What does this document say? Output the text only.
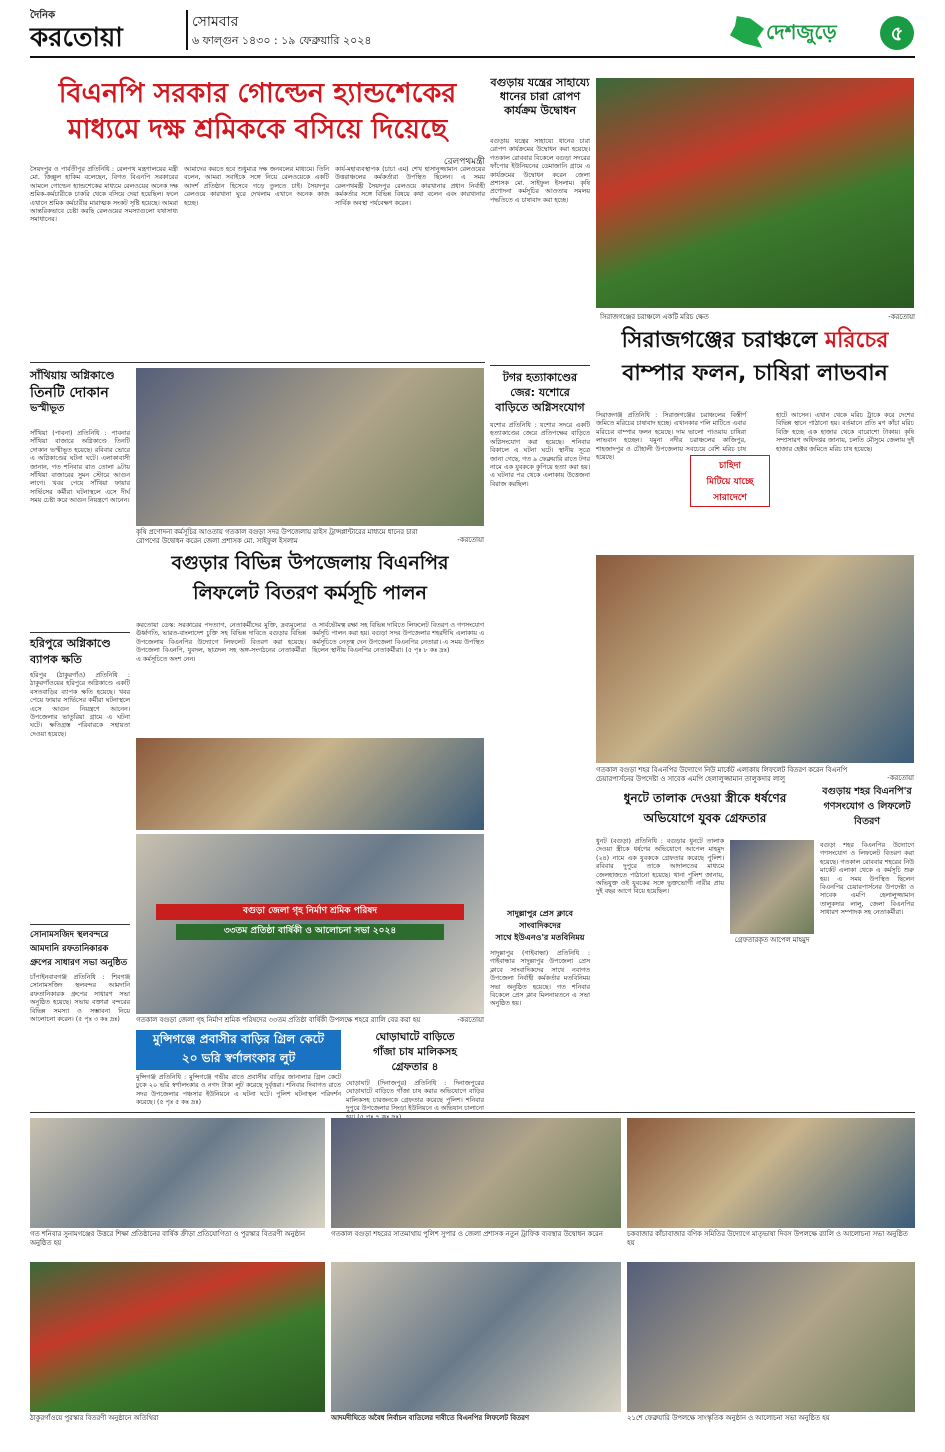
দৈনিক
করতোয়া
সোমবার
৬ ফাল্গুন ১৪৩০ : ১৯ ফেব্রুয়ারি ২০২৪	দেশজুড়ে	৫
বিএনপি সরকার গোল্ডেন হ্যান্ডশেকের
মাধ্যমে দক্ষ শ্রমিককে বসিয়ে দিয়েছে
রেলপথমন্ত্রী
সৈয়দপুর ও পার্বতীপুর প্রতিনিধি : রেলপথ মন্ত্রণালয়ের মন্ত্রী মো. জিল্লুল হাকিম বলেছেন, বিগত বিএনপি সরকারের আমলে গোল্ডেন হ্যান্ডশেকের মাধ্যমে রেলওয়ের অনেক দক্ষ শ্রমিক-কর্মচারীকে চাকরি থেকে বসিয়ে দেয়া হয়েছিল। ফলে এখানে শ্রমিক কর্মচারীর মারাত্মক সংকট সৃষ্টি হয়েছে। আমরা আন্তরিকভাবে চেষ্টা করছি রেলওয়ের সমস্যাগুলো যথাসাধ্য সমাধানের।
আমাদের করতে হবে শুধুমাত্র দক্ষ জনবলের মাধ্যমে। তিনি বলেন, আমরা সবাইকে সঙ্গে নিয়ে রেলওয়েকে একটি আদর্শ প্রতিষ্ঠান হিসেবে গড়ে তুলতে চাই। সৈয়দপুর রেলওয়ে কারখানা ঘুরে দেখলাম এখানে অনেক কাজ হচ্ছে।
কার্য-মহাব্যবস্থাপক (চাচা এম) শেখ হাসানুজ্জামান রেলওয়ের উত্তরাঞ্চলের কর্মকর্তারা উপস্থিত ছিলেন। এ সময় রেলপথমন্ত্রী সৈয়দপুর রেলওয়ে কারখানার প্রধান নির্বাহী কর্মকর্তার সঙ্গে বিভিন্ন বিষয়ে কথা বলেন এবং কারখানার সার্বিক অবস্থা পর্যবেক্ষণ করেন।
বগুড়ায় যন্ত্রের সাহায্যে
ধানের চারা রোপণ
কার্যক্রম উদ্বোধন
বগুড়ায় যন্ত্রের সাহায্যে ধানের চারা রোপণ কার্যক্রমের উদ্বোধন করা হয়েছে। গতকাল রোববার বিকেলে বগুড়া সদরের ফাঁপোর ইউনিয়নের ডেমাজানি গ্রামে এ কার্যক্রমের উদ্বোধন করেন জেলা প্রশাসক মো. সাইফুল ইসলাম। কৃষি প্রণোদনা কর্মসূচির আওতায় সমলয় পদ্ধতিতে এ চাষাবাদ করা হচ্ছে।
টগর হত্যাকাণ্ডের
জের: যশোরে
বাড়িতে অগ্নিসংযোগ
যশোর প্রতিনিধি : যশোর সদরে একটি হত্যাকাণ্ডের জেরে প্রতিপক্ষের বাড়িতে অগ্নিসংযোগ করা হয়েছে। শনিবার বিকালে এ ঘটনা ঘটে। স্থানীয় সূত্রে জানা গেছে, গত ৯ ফেব্রুয়ারি রাতে টগর নামে এক যুবককে কুপিয়ে হত্যা করা হয়। এ ঘটনার পর থেকে এলাকায় উত্তেজনা বিরাজ করছিল।
সিরাজগঞ্জের চরাঞ্চলে একটি মরিচ ক্ষেত	-করতোয়া
সিরাজগঞ্জের চরাঞ্চলে মরিচের
বাম্পার ফলন, চাষিরা লাভবান
সিরাজগঞ্জ প্রতিনিধি : সিরাজগঞ্জের চরাঞ্চলের বিস্তীর্ণ জমিতে মরিচের চাষাবাদ হচ্ছে। এখানকার পলি মাটিতে এবার মরিচের বাম্পার ফলন হয়েছে। দাম ভালো পাওয়ায় চাষিরা লাভবান হচ্ছেন। যমুনা নদীর চরাঞ্চলের কাজিপুর, শাহজাদপুর ও চৌহালী উপজেলায় সবচেয়ে বেশি মরিচ চাষ হয়েছে।
চাহিদা
মিটিয়ে যাচ্ছে
সারাদেশে
হাটে আসেন। এখান থেকে মরিচ ট্রাকে করে দেশের বিভিন্ন স্থানে পাঠানো হয়। বর্তমানে প্রতি মণ কাঁচা মরিচ বিক্রি হচ্ছে এক হাজার থেকে বারোশো টাকায়। কৃষি সম্প্রসারণ অধিদপ্তর জানায়, চলতি মৌসুমে জেলায় দুই হাজার হেক্টর জমিতে মরিচ চাষ হয়েছে।
সাঁথিয়ায় অগ্নিকাণ্ডে
তিনটি দোকান
ভস্মীভূত
সাঁথিয়া (পাবনা) প্রতিনিধি : পাবনার সাঁথিয়া বাজারে অগ্নিকাণ্ডে তিনটি দোকান ভস্মীভূত হয়েছে। রবিবার ভোরে এ অগ্নিকাণ্ডের ঘটনা ঘটে। এলাকাবাসী জানান, গত শনিবার রাত তোলা ৯টায় সাঁথিয়া বাজারের সুমন স্টোরে আগুন লাগে। খবর পেয়ে সাঁথিয়া ফায়ার সার্ভিসের কর্মীরা ঘটনাস্থলে এসে দীর্ঘ সময় চেষ্টা করে আগুন নিয়ন্ত্রণে আনেন।
হরিপুরে অগ্নিকাণ্ডে
ব্যাপক ক্ষতি
হরিপুর (ঠাকুরগাঁও) প্রতিনিধি : ঠাকুরগাঁওয়ের হরিপুরে অগ্নিকাণ্ডে একটি বসতবাড়ির ব্যাপক ক্ষতি হয়েছে। খবর পেয়ে ফায়ার সার্ভিসের কর্মীরা ঘটনাস্থলে এসে আগুন নিয়ন্ত্রণে আনেন। উপজেলার ভাতুরিয়া গ্রামে এ ঘটনা ঘটে। ক্ষতিগ্রস্ত পরিবারকে সহায়তা দেওয়া হয়েছে।
সোনামসজিদ স্থলবন্দরে
আমদানি রফতানিকারক
গ্রুপের সাধারণ সভা অনুষ্ঠিত
চাঁপাইনবাবগঞ্জ প্রতিনিধি : শিবগঞ্জ সোনামসজিদ স্থলবন্দর আমদানি রফতানিকারক গ্রুপের সাধারণ সভা অনুষ্ঠিত হয়েছে। সভায় বক্তারা বন্দরের বিভিন্ন সমস্যা ও সম্ভাবনা নিয়ে আলোচনা করেন। (৫ পৃঃ ৩ কঃ দ্রঃ)
কৃষি প্রণোদনা কর্মসূচির আওতায় গতকাল বগুড়া সদর উপজেলায় রাইস ট্রান্সপ্লান্টারের মাধ্যমে ধানের চারা রোপণের উদ্বোধন করেন জেলা প্রশাসক মো. সাইফুল ইসলাম	-করতোয়া
বগুড়ার বিভিন্ন উপজেলায় বিএনপির
লিফলেট বিতরণ কর্মসূচি পালন
করতোয়া ডেস্ক: সরকারের পদত্যাগ, নেতাকর্মীদের মুক্তি, দ্রব্যমূল্যের ঊর্ধ্বগতি, ভারত-বাংলাদেশ চুক্তি সহ বিভিন্ন দাবিতে বগুড়ার বিভিন্ন উপজেলায় বিএনপির উদ্যোগে লিফলেট বিতরণ করা হয়েছে। উপজেলা বিএনপি, যুবদল, ছাত্রদল সহ অঙ্গ-সংগঠনের নেতাকর্মীরা এ কর্মসূচিতে অংশ নেন।
ও সার্বভৌমত্ব রক্ষা সহ বিভিন্ন দাবিতে লিফলেট বিতরণ ও গণসংযোগ কর্মসূচি পালন করা হয়। বগুড়া সদর উপজেলার শহরদীঘি এলাকায় এ কর্মসূচিতে নেতৃত্ব দেন উপজেলা বিএনপির নেতারা। এ সময় উপস্থিত ছিলেন স্থানীয় বিএনপির নেতাকর্মীরা। (৫ পৃঃ ৮ কঃ দ্রঃ)
বগুড়া জেলা গৃহ নির্মাণ শ্রমিক পরিষদ
৩৩তম প্রতিষ্ঠা বার্ষিকী ও আলোচনা সভা ২০২৪
গতকাল বগুড়া জেলা গৃহ নির্মাণ শ্রমিক পরিষদের ৩৩তম প্রতিষ্ঠা বার্ষিকী উপলক্ষে শহরে র‍্যালি বের করা হয়	-করতোয়া
মুন্সিগঞ্জে প্রবাসীর বাড়ির গ্রিল কেটে
২০ ভরি স্বর্ণালংকার লুট
মুন্সিগঞ্জ প্রতিনিধি : মুন্সিগঞ্জে গভীর রাতে প্রবাসীর বাড়ির জানালার গ্রিল কেটে ঢুকে ২০ ভরি স্বর্ণালংকার ও নগদ টাকা লুট করেছে দুর্বৃত্তরা। শনিবার দিবাগত রাতে সদর উপজেলার পঞ্চসার ইউনিয়নে এ ঘটনা ঘটে। পুলিশ ঘটনাস্থল পরিদর্শন করেছে। (৫ পৃঃ ৫ কঃ দ্রঃ)
ঘোড়াঘাটে বাড়িতে
গাঁজা চাষ মালিকসহ
গ্রেফতার ৪
ঘোড়াঘাট (দিনাজপুর) প্রতিনিধি : দিনাজপুরের ঘোড়াঘাটে বাড়িতে গাঁজা চাষ করার অভিযোগে বাড়ির মালিকসহ চারজনকে গ্রেফতার করেছে পুলিশ। শনিবার দুপুরে উপজেলার সিংড়া ইউনিয়নে এ অভিযান চালানো
সাদুল্লাপুর প্রেস ক্লাবে সাংবাদিকদের
সাথে ইউএনও'র মতবিনিময়
সাদুল্লাপুর (গাইবান্ধা) প্রতিনিধি : গাইবান্ধার সাদুল্লাপুর উপজেলা প্রেস ক্লাবে সাংবাদিকদের সাথে নবাগত উপজেলা নির্বাহী কর্মকর্তার মতবিনিময় সভা অনুষ্ঠিত হয়েছে। গত শনিবার বিকেলে প্রেস ক্লাব মিলনায়তনে এ সভা অনুষ্ঠিত হয়।
গতকাল বগুড়া শহর বিএনপির উদ্যোগে নিউ মার্কেট এলাকায় লিফলেট বিতরণ করেন বিএনপি চেয়ারপার্সনের উপদেষ্টা ও সাবেক এমপি হেলালুজ্জামান তালুকদার লালু	-করতোয়া
ধুনটে তালাক দেওয়া স্ত্রীকে ধর্ষণের
অভিযোগে যুবক গ্রেফতার
ধুনট (বগুড়া) প্রতিনিধি : বগুড়ার ধুনটে তালাক দেওয়া স্ত্রীকে ধর্ষণের অভিযোগে আপেল মাহমুদ (২৪) নামে এক যুবককে গ্রেফতার করেছে পুলিশ। রবিবার দুপুরে তাকে আদালতের মাধ্যমে জেলহাজতে পাঠানো হয়েছে। থানা পুলিশ জানায়, অভিযুক্ত ওই যুবকের সঙ্গে ভুক্তভোগী নারীর প্রায় দুই বছর আগে বিয়ে হয়েছিল।
গ্রেফতারকৃত আপেল মাহমুদ
বগুড়ায় শহর বিএনপি'র
গণসংযোগ ও লিফলেট
বিতরণ
বগুড়া শহর বিএনপির উদ্যোগে গণসংযোগ ও লিফলেট বিতরণ করা হয়েছে। গতকাল রোববার শহরের নিউ মার্কেট এলাকা থেকে এ কর্মসূচি শুরু হয়। এ সময় উপস্থিত ছিলেন বিএনপির চেয়ারপার্সনের উপদেষ্টা ও সাবেক এমপি হেলালুজ্জামান তালুকদার লালু, জেলা বিএনপির সাধারণ সম্পাদক সহ নেতাকর্মীরা।
গত শনিবার সুনামগঞ্জের উত্তরে শিক্ষা প্রতিষ্ঠানের বার্ষিক ক্রীড়া প্রতিযোগিতা ও পুরস্কার বিতরণী অনুষ্ঠান অনুষ্ঠিত হয়
গতকাল বগুড়া শহরের সাতমাথায় পুলিশ সুপার ও জেলা প্রশাসক নতুন ট্রাফিক ব্যবস্থার উদ্বোধন করেন	চকবাজার কাঁচাবাজার বণিক সমিতির উদ্যোগে মাতৃভাষা দিবস উপলক্ষে র‍্যালি ও আলোচনা সভা অনুষ্ঠিত হয়
ঠাকুরগাঁওয়ে পুরস্কার বিতরণী অনুষ্ঠানে অতিথিরা	আদমদীঘিতে অবৈধ নির্বাচন বাতিলের দাবীতে বিএনপির লিফলেট বিতরণ	২১শে ফেব্রুয়ারি উপলক্ষে সাংস্কৃতিক অনুষ্ঠান ও আলোচনা সভা অনুষ্ঠিত হয়
